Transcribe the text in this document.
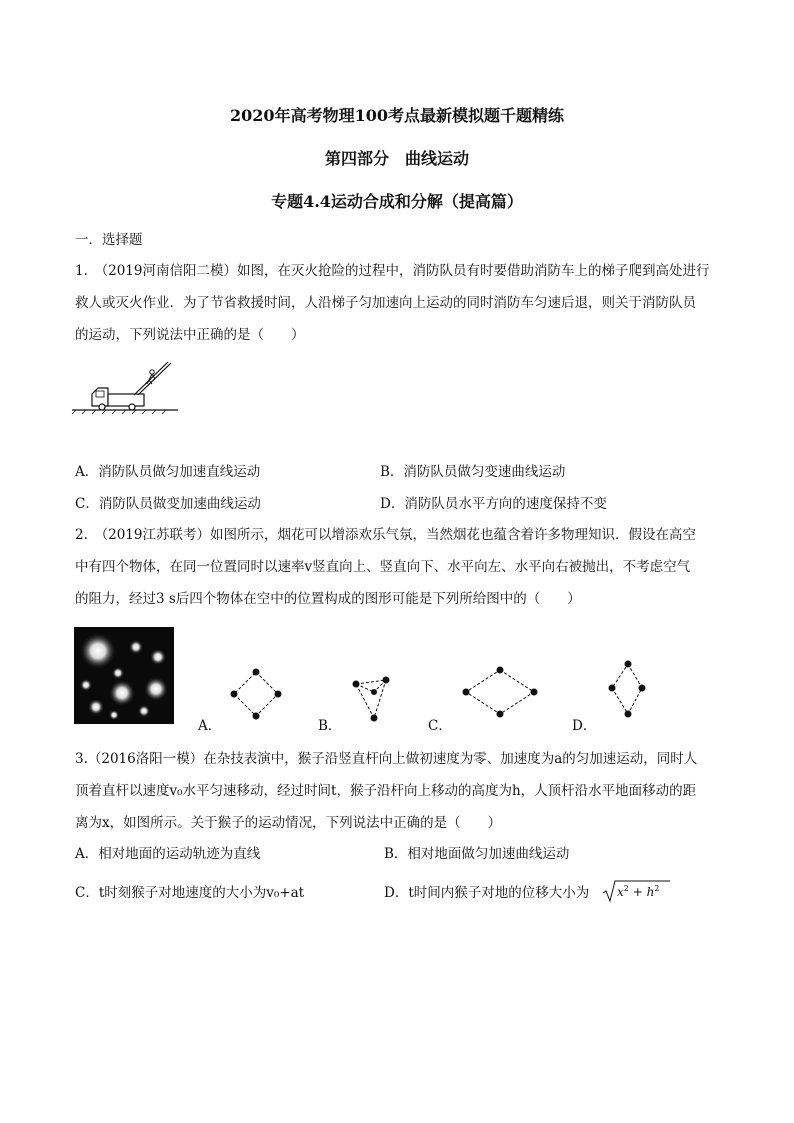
2020年高考物理100考点最新模拟题千题精练
第四部分　曲线运动
专题4.4运动合成和分解（提高篇）
一．选择题
1.　（2019河南信阳二模）如图，在灭火抢险的过程中，消防队员有时要借助消防车上的梯子爬到高处进行
救人或灭火作业．为了节省救援时间，人沿梯子匀加速向上运动的同时消防车匀速后退，则关于消防队员
的运动，下列说法中正确的是（　　）
A．消防队员做匀加速直线运动	B．消防队员做匀变速曲线运动
C．消防队员做变加速曲线运动	D．消防队员水平方向的速度保持不变
2.　（2019江苏联考）如图所示，烟花可以增添欢乐气氛，当然烟花也蕴含着许多物理知识．假设在高空
中有四个物体，在同一位置同时以速率v竖直向上、竖直向下、水平向左、水平向右被抛出，不考虑空气
的阻力，经过3 s后四个物体在空中的位置构成的图形可能是下列所给图中的（　　）
A．	B．	C．	D．
3.（2016洛阳一模）在杂技表演中，猴子沿竖直杆向上做初速度为零、加速度为a的匀加速运动，同时人
顶着直杆以速度v₀水平匀速移动，经过时间t，猴子沿杆向上移动的高度为h，人顶杆沿水平地面移动的距
离为x，如图所示。关于猴子的运动情况，下列说法中正确的是（　　）
A．相对地面的运动轨迹为直线	B．相对地面做匀加速曲线运动
C．t时刻猴子对地速度的大小为v₀+at	D．t时间内猴子对地的位移大小为 $x^2 + h^2$
